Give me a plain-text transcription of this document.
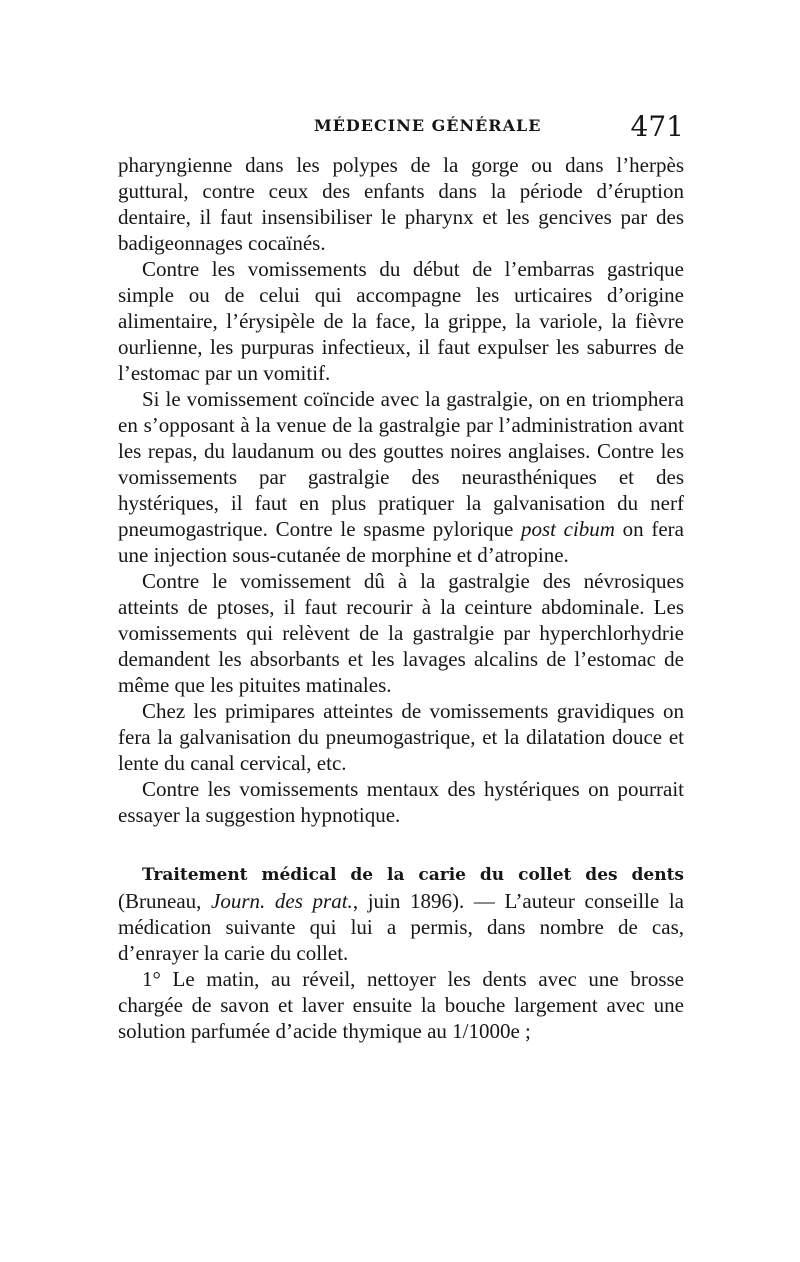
MÉDECINE GÉNÉRALE	471

pharyngienne dans les polypes de la gorge ou dans l’herpès guttural, contre ceux des enfants dans la période d’éruption dentaire, il faut insensibiliser le pharynx et les gencives par des badigeonnages cocaïnés.

Contre les vomissements du début de l’embarras gastrique simple ou de celui qui accompagne les urticaires d’origine alimentaire, l’érysipèle de la face, la grippe, la variole, la fièvre ourlienne, les purpuras infectieux, il faut expulser les saburres de l’estomac par un vomitif.

Si le vomissement coïncide avec la gastralgie, on en triomphera en s’opposant à la venue de la gastralgie par l’administration avant les repas, du laudanum ou des gouttes noires anglaises. Contre les vomissements par gastralgie des neurasthéniques et des hystériques, il faut en plus pratiquer la galvanisation du nerf pneumogastrique. Contre le spasme pylorique post cibum on fera une injection sous-cutanée de morphine et d’atropine.

Contre le vomissement dû à la gastralgie des névrosiques atteints de ptoses, il faut recourir à la ceinture abdominale. Les vomissements qui relèvent de la gastralgie par hyperchlorhydrie demandent les absorbants et les lavages alcalins de l’estomac de même que les pituites matinales.

Chez les primipares atteintes de vomissements gravidiques on fera la galvanisation du pneumogastrique, et la dilatation douce et lente du canal cervical, etc.

Contre les vomissements mentaux des hystériques on pourrait essayer la suggestion hypnotique.

Traitement médical de la carie du collet des dents (Bruneau, Journ. des prat., juin 1896). — L’auteur conseille la médication suivante qui lui a permis, dans nombre de cas, d’enrayer la carie du collet.

1° Le matin, au réveil, nettoyer les dents avec une brosse chargée de savon et laver ensuite la bouche largement avec une solution parfumée d’acide thymique au 1/1000e ;
